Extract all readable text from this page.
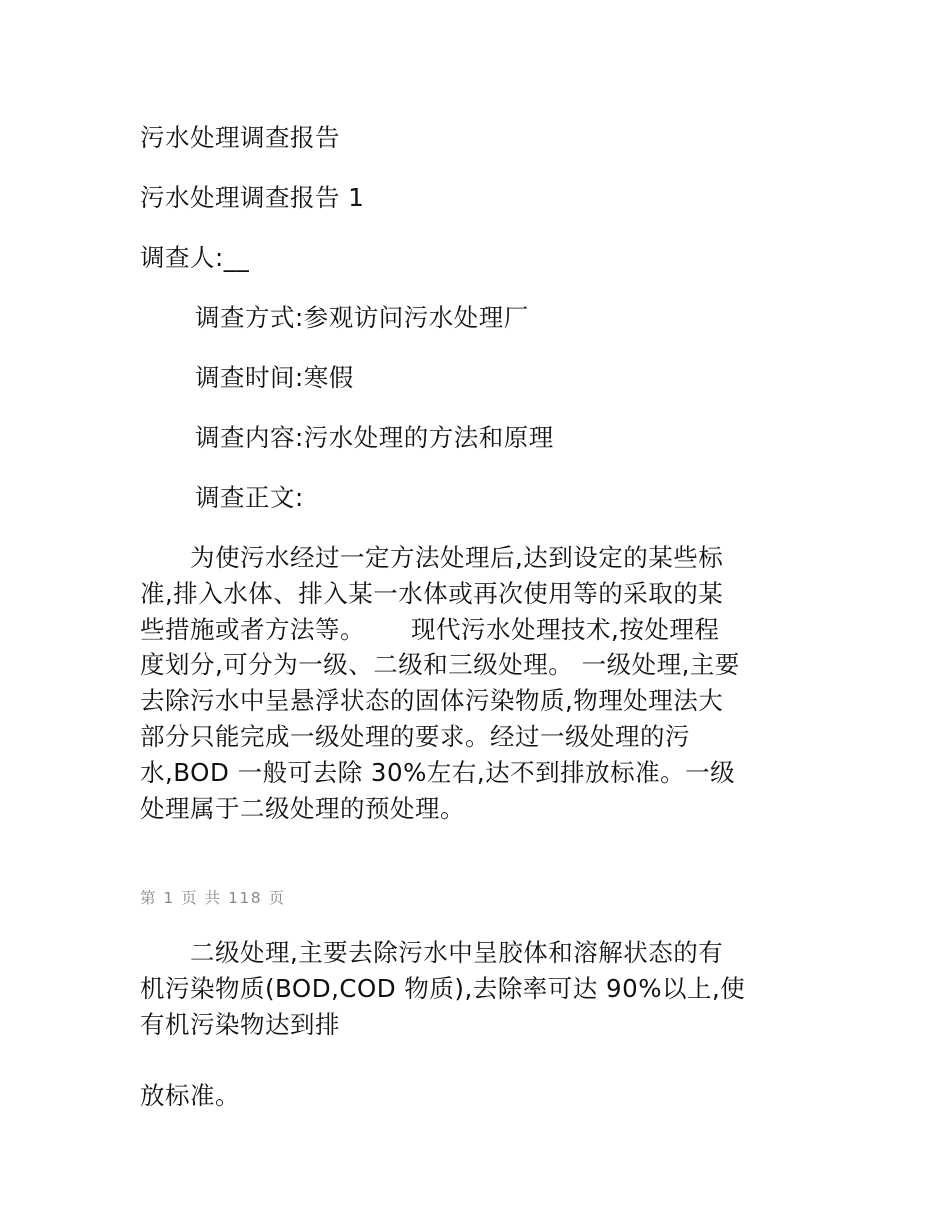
污水处理调查报告
污水处理调查报告 1
调查人:__
调查方式:参观访问污水处理厂
调查时间:寒假
调查内容:污水处理的方法和原理
调查正文:
　　为使污水经过一定方法处理后,达到设定的某些标
准,排入水体、排入某一水体或再次使用等的采取的某
些措施或者方法等。　　 现代污水处理技术,按处理程
度划分,可分为一级、二级和三级处理。 一级处理,主要
去除污水中呈悬浮状态的固体污染物质,物理处理法大
部分只能完成一级处理的要求。经过一级处理的污
水,BOD 一般可去除 30%左右,达不到排放标准。一级
处理属于二级处理的预处理。
第 1 页 共 118 页
　　二级处理,主要去除污水中呈胶体和溶解状态的有
机污染物质(BOD,COD 物质),去除率可达 90%以上,使
有机污染物达到排
放标准。
